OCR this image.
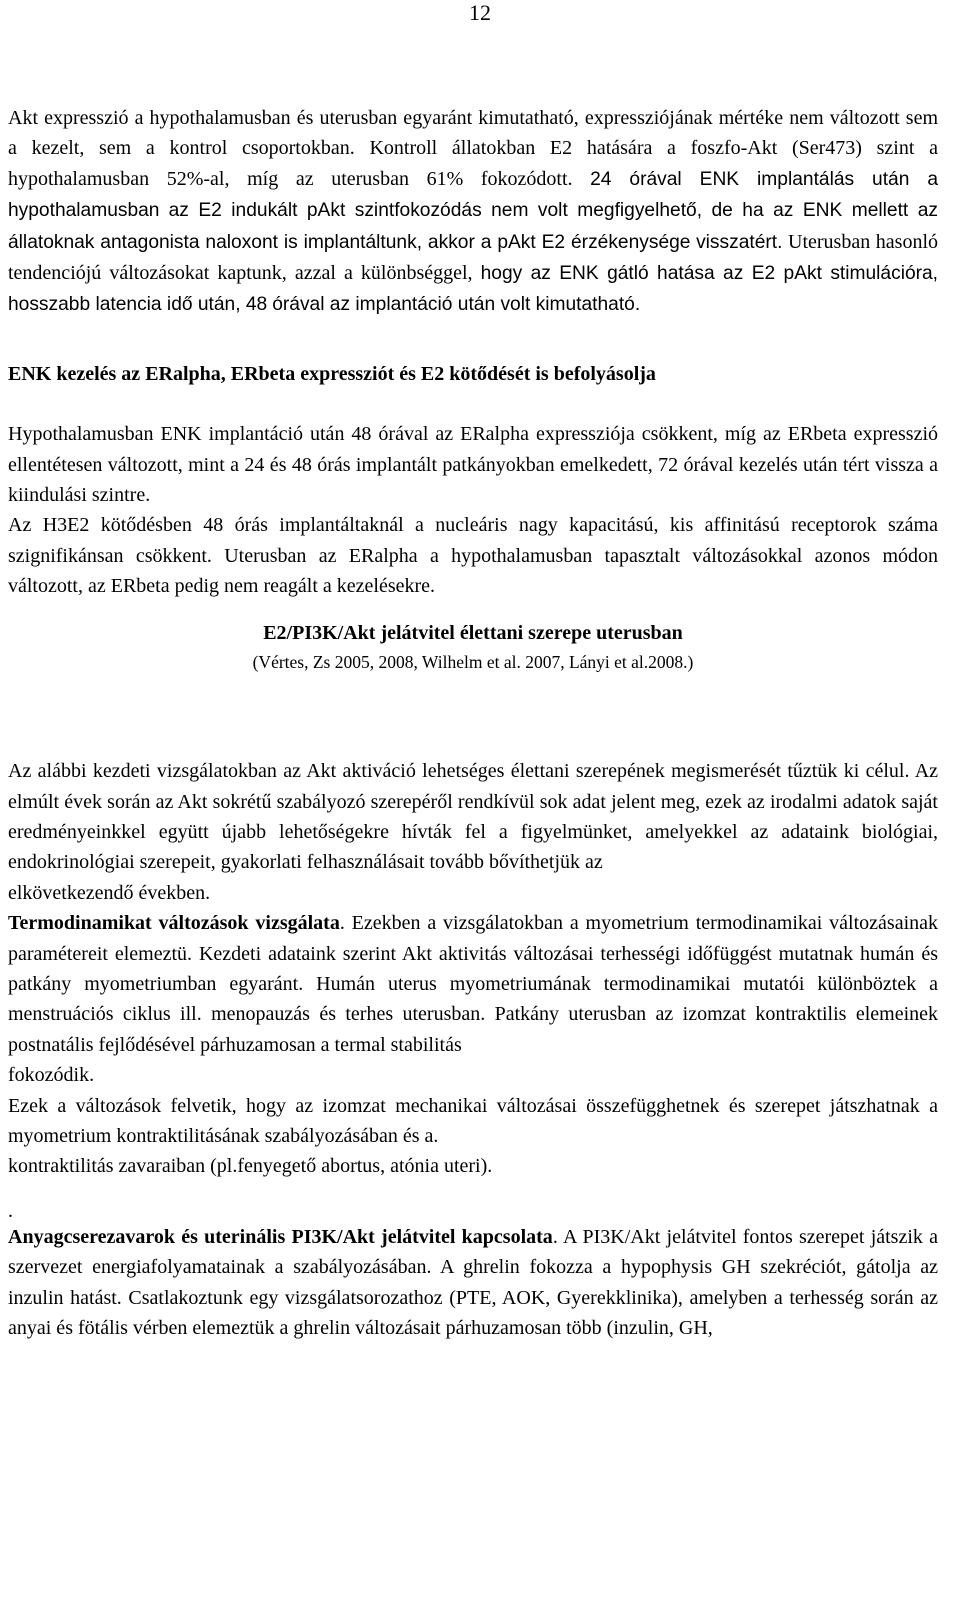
12

Akt expresszió a hypothalamusban és uterusban egyaránt kimutatható, expressziójának mértéke nem változott sem a kezelt, sem a kontrol csoportokban. Kontroll állatokban E2 hatására a foszfo-Akt (Ser473) szint a hypothalamusban 52%-al, míg az uterusban 61% fokozódott. 24 órával ENK implantálás után a hypothalamusban az E2 indukált pAkt szintfokozódás nem volt megfigyelhető, de ha az ENK mellett az állatoknak antagonista naloxont is implantáltunk, akkor a pAkt E2 érzékenysége visszatért. Uterusban hasonló tendenciójú változásokat kaptunk, azzal a különbséggel, hogy az ENK gátló hatása az E2 pAkt stimulációra, hosszabb latencia idő után, 48 órával az implantáció után volt kimutatható.

ENK kezelés az ERalpha, ERbeta expressziót és E2 kötődését is befolyásolja

Hypothalamusban ENK implantáció után 48 órával az ERalpha expressziója csökkent, míg az ERbeta expresszió ellentétesen változott, mint a 24 és 48 órás implantált patkányokban emelkedett, 72 órával kezelés után tért vissza a kiindulási szintre.
Az H3E2 kötődésben 48 órás implantáltaknál a nucleáris nagy kapacitású, kis affinitású receptorok száma szignifikánsan csökkent. Uterusban az ERalpha a hypothalamusban tapasztalt változásokkal azonos módon változott, az ERbeta pedig nem reagált a kezelésekre.

E2/PI3K/Akt jelátvitel élettani szerepe uterusban

(Vértes, Zs 2005, 2008, Wilhelm et al. 2007, Lányi et al.2008.)

Az alábbi kezdeti vizsgálatokban az Akt aktiváció lehetséges élettani szerepének megismerését tűztük ki célul. Az elmúlt évek során az Akt sokrétű szabályozó szerepéről rendkívül sok adat jelent meg, ezek az irodalmi adatok saját eredményeinkkel együtt újabb lehetőségekre hívták fel a figyelmünket, amelyekkel az adataink biológiai, endokrinológiai szerepeit, gyakorlati felhasználásait tovább bővíthetjük az
elkövetkezendő években.

Termodinamikat változások vizsgálata. Ezekben a vizsgálatokban a myometrium termodinamikai változásainak paramétereit elemeztü. Kezdeti adataink szerint Akt aktivitás változásai terhességi időfüggést mutatnak humán és patkány myometriumban egyaránt. Humán uterus myometriumának termodinamikai mutatói különböztek a menstruációs ciklus ill. menopauzás és terhes uterusban. Patkány uterusban az izomzat kontraktilis elemeinek postnatális fejlődésével párhuzamosan a termal stabilitás
fokozódik.

Ezek a változások felvetik, hogy az izomzat mechanikai változásai összefügghetnek és szerepet játszhatnak a myometrium kontraktilitásának szabályozásában és a.
kontraktilitás zavaraiban (pl.fenyegető abortus, atónia uteri).

.

Anyagcserezavarok és uterinális PI3K/Akt jelátvitel kapcsolata. A PI3K/Akt jelátvitel fontos szerepet játszik a szervezet energiafolyamatainak a szabályozásában. A ghrelin fokozza a hypophysis GH szekréciót, gátolja az inzulin hatást. Csatlakoztunk egy vizsgálatsorozathoz (PTE, AOK, Gyerekklinika), amelyben a terhesség során az anyai és fötális vérben elemeztük a ghrelin változásait párhuzamosan több (inzulin, GH,
